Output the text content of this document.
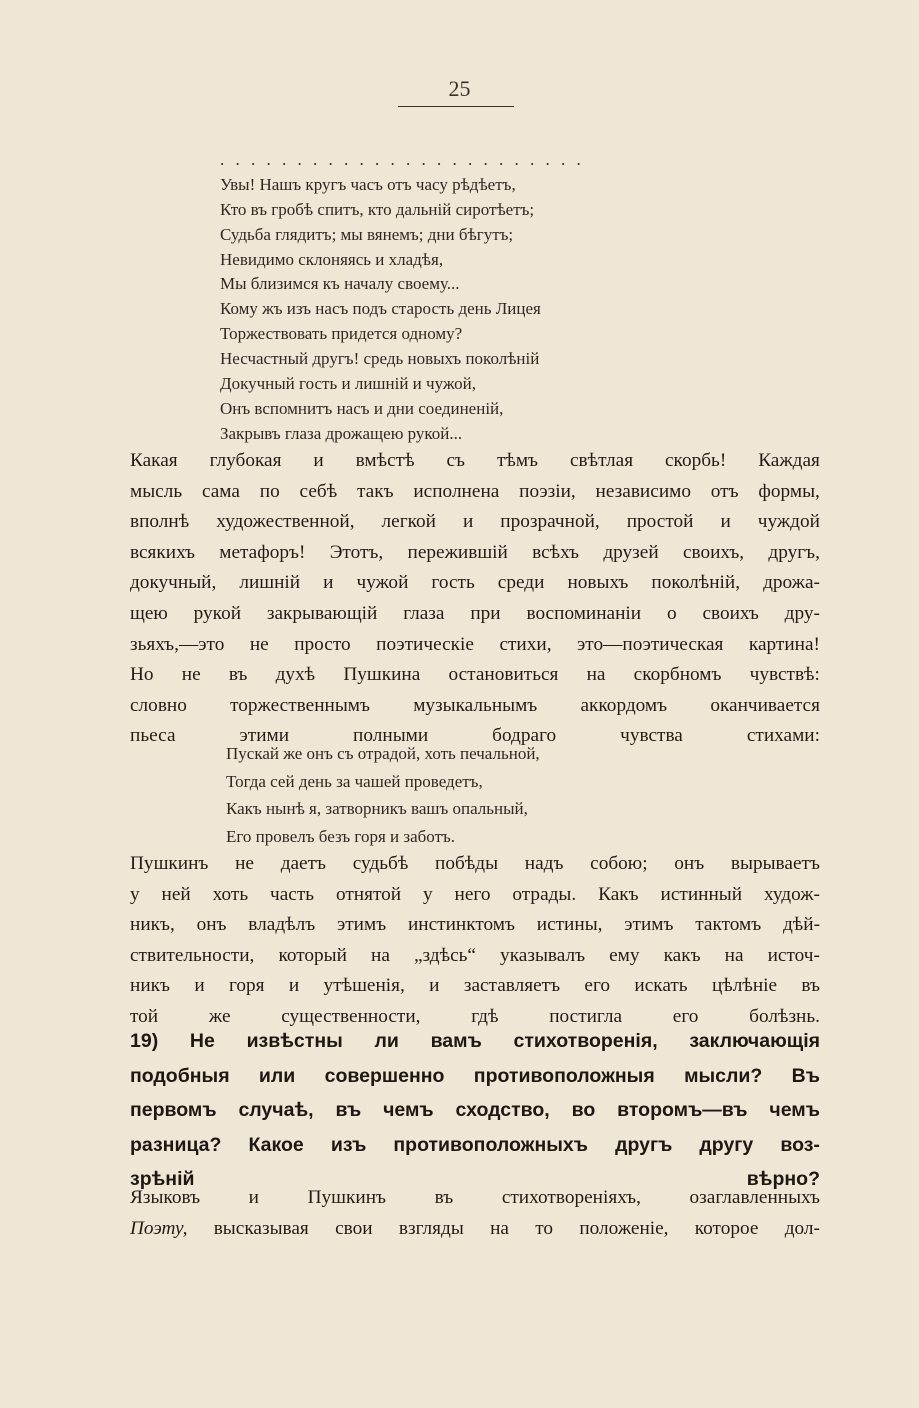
25
. . . . . . . . . . . . . . . . . . . . . . . .
Увы! Нашъ кругъ часъ отъ часу рѣдѣетъ,
Кто въ гробѣ спитъ, кто дальній сиротѣетъ;
Судьба глядитъ; мы вянемъ; дни бѣгутъ;
Невидимо склоняясь и хладѣя,
Мы близимся къ началу своему...
Кому жъ изъ насъ подъ старость день Лицея
Торжествовать придется одному?
Несчастный другъ! средь новыхъ поколѣній
Докучный гость и лишній и чужой,
Онъ вспомнитъ насъ и дни соединеній,
Закрывъ глаза дрожащею рукой...
Какая глубокая и вмѣстѣ съ тѣмъ свѣтлая скорбь! Каждая
мысль сама по себѣ такъ исполнена поэзіи, независимо отъ формы,
вполнѣ художественной, легкой и прозрачной, простой и чуждой
всякихъ метафоръ! Этотъ, пережившій всѣхъ друзей своихъ, другъ,
докучный, лишній и чужой гость среди новыхъ поколѣній, дрожа-
щею рукой закрывающій глаза при воспоминаніи о своихъ дру-
зьяхъ,—это не просто поэтическіе стихи, это—поэтическая картина!
Но не въ духѣ Пушкина остановиться на скорбномъ чувствѣ:
словно торжественнымъ музыкальнымъ аккордомъ оканчивается
пьеса этими полными бодраго чувства стихами:
Пускай же онъ съ отрадой, хоть печальной,
Тогда сей день за чашей проведетъ,
Какъ нынѣ я, затворникъ вашъ опальный,
Его провелъ безъ горя и заботъ.
Пушкинъ не даетъ судьбѣ побѣды надъ собою; онъ вырываетъ
у ней хоть часть отнятой у него отрады. Какъ истинный худож-
никъ, онъ владѣлъ этимъ инстинктомъ истины, этимъ тактомъ дѣй-
ствительности, который на „здѣсь“ указывалъ ему какъ на источ-
никъ и горя и утѣшенія, и заставляетъ его искать цѣлѣніе въ
той же существенности, гдѣ постигла его болѣзнь.
19) Не извѣстны ли вамъ стихотворенія, заключающія
подобныя или совершенно противоположныя мысли? Въ
первомъ случаѣ, въ чемъ сходство, во второмъ—въ чемъ
разница? Какое изъ противоположныхъ другъ другу воз-
зрѣній вѣрно?
Языковъ	и	Пушкинъ	въ	стихотвореніяхъ,	озаглавленныхъ
Поэту, высказывая свои взгляды на то положеніе, которое дол-
